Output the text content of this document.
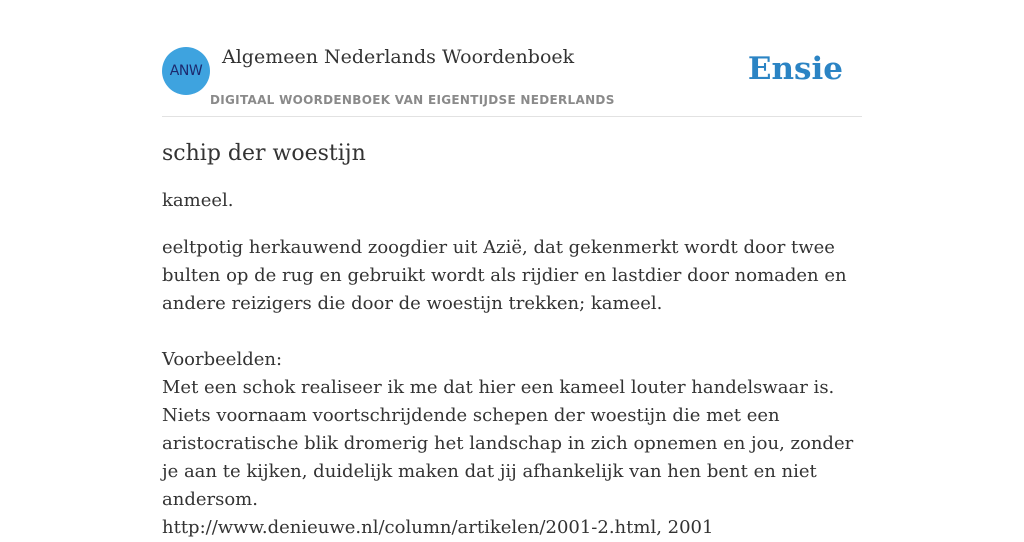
ANW
Algemeen Nederlands Woordenboek
DIGITAAL WOORDENBOEK VAN EIGENTIJDSE NEDERLANDS
Ensie
schip der woestijn

kameel.

eeltpotig herkauwend zoogdier uit Azië, dat gekenmerkt wordt door twee bulten op de rug en gebruikt wordt als rijdier en lastdier door nomaden en andere reizigers die door de woestijn trekken; kameel.

Voorbeelden:

Met een schok realiseer ik me dat hier een kameel louter handelswaar is. Niets voornaam voortschrijdende schepen der woestijn die met een aristocratische blik dromerig het landschap in zich opnemen en jou, zonder je aan te kijken, duidelijk maken dat jij afhankelijk van hen bent en niet andersom.

http://www.denieuwe.nl/column/artikelen/2001-2.html, 2001
